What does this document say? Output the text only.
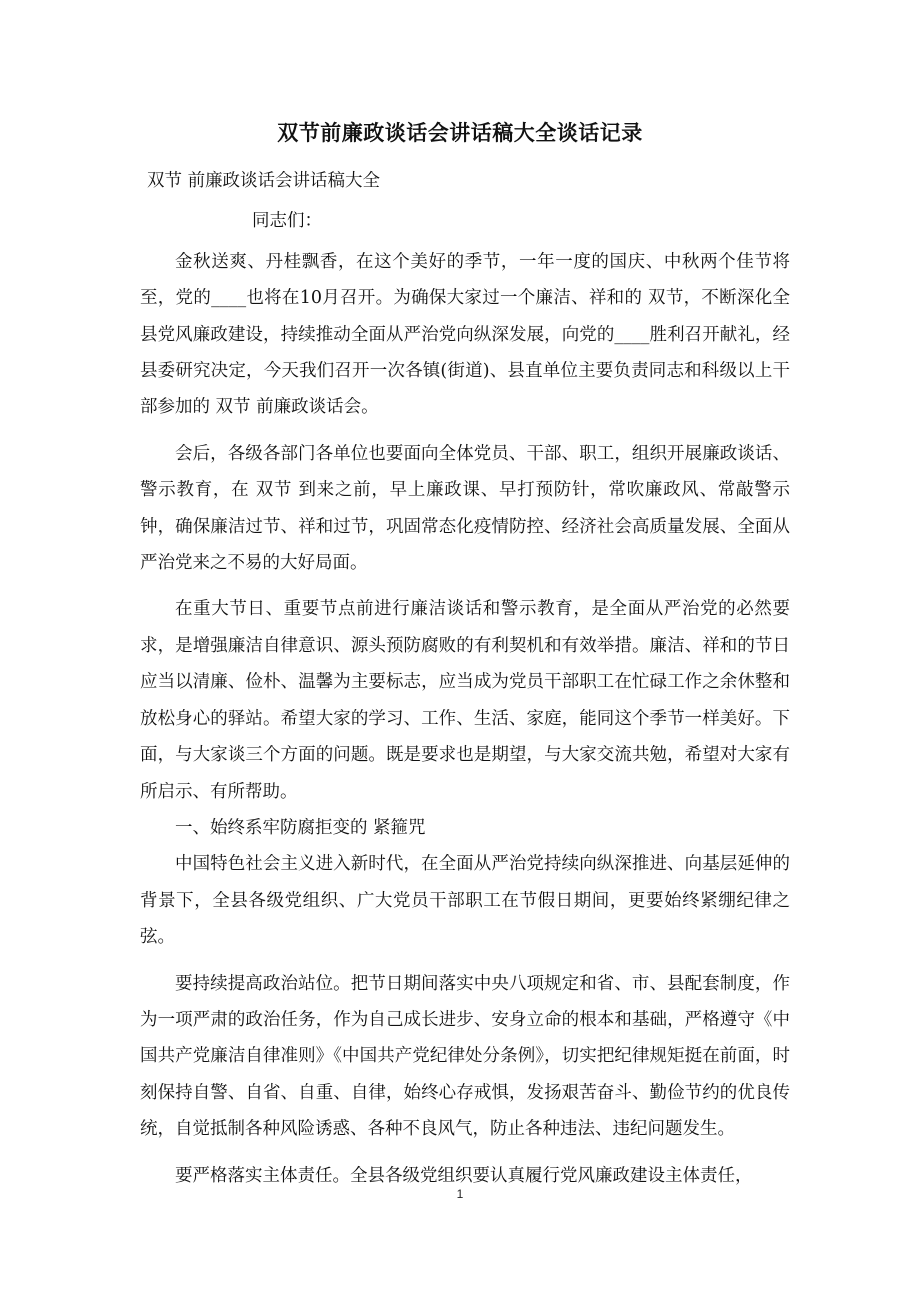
双节前廉政谈话会讲话稿大全谈话记录

双节 前廉政谈话会讲话稿大全

同志们：

金秋送爽、丹桂飘香，在这个美好的季节，一年一度的国庆、中秋两个佳节将至，党的____也将在10月召开。为确保大家过一个廉洁、祥和的 双节，不断深化全县党风廉政建设，持续推动全面从严治党向纵深发展，向党的____胜利召开献礼，经县委研究决定，今天我们召开一次各镇(街道)、县直单位主要负责同志和科级以上干部参加的 双节 前廉政谈话会。

会后，各级各部门各单位也要面向全体党员、干部、职工，组织开展廉政谈话、警示教育，在 双节 到来之前，早上廉政课、早打预防针，常吹廉政风、常敲警示钟，确保廉洁过节、祥和过节，巩固常态化疫情防控、经济社会高质量发展、全面从严治党来之不易的大好局面。

在重大节日、重要节点前进行廉洁谈话和警示教育，是全面从严治党的必然要求，是增强廉洁自律意识、源头预防腐败的有利契机和有效举措。廉洁、祥和的节日应当以清廉、俭朴、温馨为主要标志，应当成为党员干部职工在忙碌工作之余休整和放松身心的驿站。希望大家的学习、工作、生活、家庭，能同这个季节一样美好。下面，与大家谈三个方面的问题。既是要求也是期望，与大家交流共勉，希望对大家有所启示、有所帮助。

一、始终系牢防腐拒变的 紧箍咒

中国特色社会主义进入新时代，在全面从严治党持续向纵深推进、向基层延伸的背景下，全县各级党组织、广大党员干部职工在节假日期间，更要始终紧绷纪律之弦。

要持续提高政治站位。把节日期间落实中央八项规定和省、市、县配套制度，作为一项严肃的政治任务，作为自己成长进步、安身立命的根本和基础，严格遵守《中国共产党廉洁自律准则》《中国共产党纪律处分条例》，切实把纪律规矩挺在前面，时刻保持自警、自省、自重、自律，始终心存戒惧，发扬艰苦奋斗、勤俭节约的优良传统，自觉抵制各种风险诱惑、各种不良风气，防止各种违法、违纪问题发生。

要严格落实主体责任。全县各级党组织要认真履行党风廉政建设主体责任，

1
